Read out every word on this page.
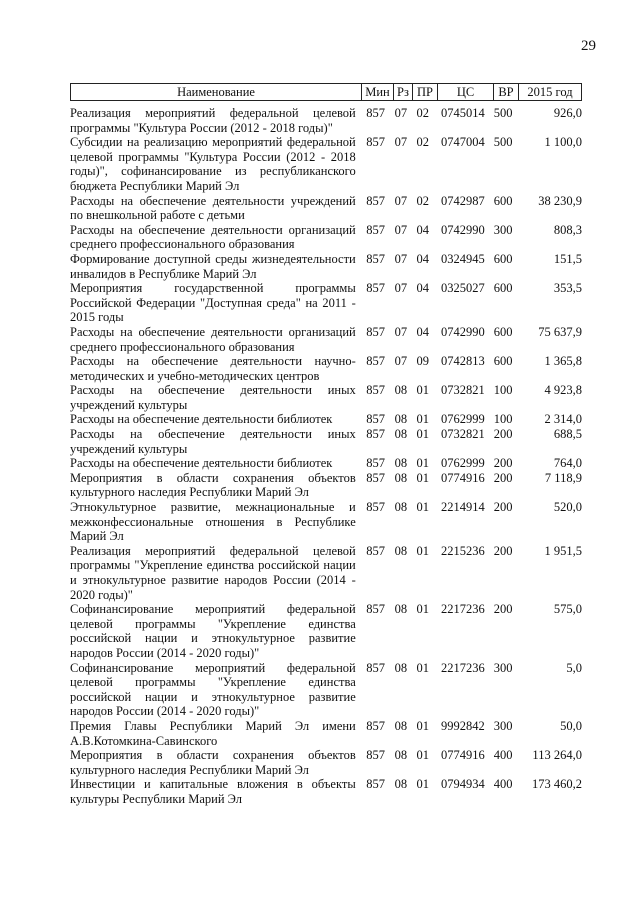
29
Наименование	Мин Рз ПР	ЦС	ВР	2015 год
Реализация мероприятий федеральной целевой программы "Культура России (2012 - 2018 годы)"
857 07 02 0745014 500	926,0
Субсидии на реализацию мероприятий федеральной целевой программы "Культура России (2012 - 2018 годы)", софинансирование из республиканского бюджета Республики Марий Эл
857 07 02 0747004 500	1 100,0
Расходы на обеспечение деятельности учреждений по внешкольной работе с детьми
857 07 02 0742987 600	38 230,9
Расходы на обеспечение деятельности организаций среднего профессионального образования
857 07 04 0742990 300	808,3
Формирование доступной среды жизнедеятельности инвалидов в Республике Марий Эл
857 07 04 0324945 600	151,5
Мероприятия государственной программы Российской Федерации "Доступная среда" на 2011 - 2015 годы
857 07 04 0325027 600	353,5
Расходы на обеспечение деятельности организаций среднего профессионального образования
857 07 04 0742990 600	75 637,9
Расходы на обеспечение деятельности научно-методических и учебно-методических центров
857 07 09 0742813 600	1 365,8
Расходы на обеспечение деятельности иных учреждений культуры
857 08 01 0732821 100	4 923,8
Расходы на обеспечение деятельности библиотек	857 08 01 0762999 100	2 314,0
Расходы на обеспечение деятельности иных учреждений культуры
857 08 01 0732821 200	688,5
Расходы на обеспечение деятельности библиотек	857 08 01 0762999 200	764,0
Мероприятия в области сохранения объектов культурного наследия Республики Марий Эл
857 08 01 0774916 200	7 118,9
Этнокультурное развитие, межнациональные и межконфессиональные отношения в Республике Марий Эл
857 08 01 2214914 200	520,0
Реализация мероприятий федеральной целевой программы "Укрепление единства российской нации и этнокультурное развитие народов России (2014 - 2020 годы)"
857 08 01 2215236 200	1 951,5
Софинансирование мероприятий федеральной целевой программы "Укрепление единства российской нации и этнокультурное развитие народов России (2014 - 2020 годы)"
857 08 01 2217236 200	575,0
Софинансирование мероприятий федеральной целевой программы "Укрепление единства российской нации и этнокультурное развитие народов России (2014 - 2020 годы)"
857 08 01 2217236 300	5,0
Премия Главы Республики Марий Эл имени А.В.Котомкина-Савинского
857 08 01 9992842 300	50,0
Мероприятия в области сохранения объектов культурного наследия Республики Марий Эл
857 08 01 0774916 400	113 264,0
Инвестиции и капитальные вложения в объекты культуры Республики Марий Эл
857 08 01 0794934 400	173 460,2
